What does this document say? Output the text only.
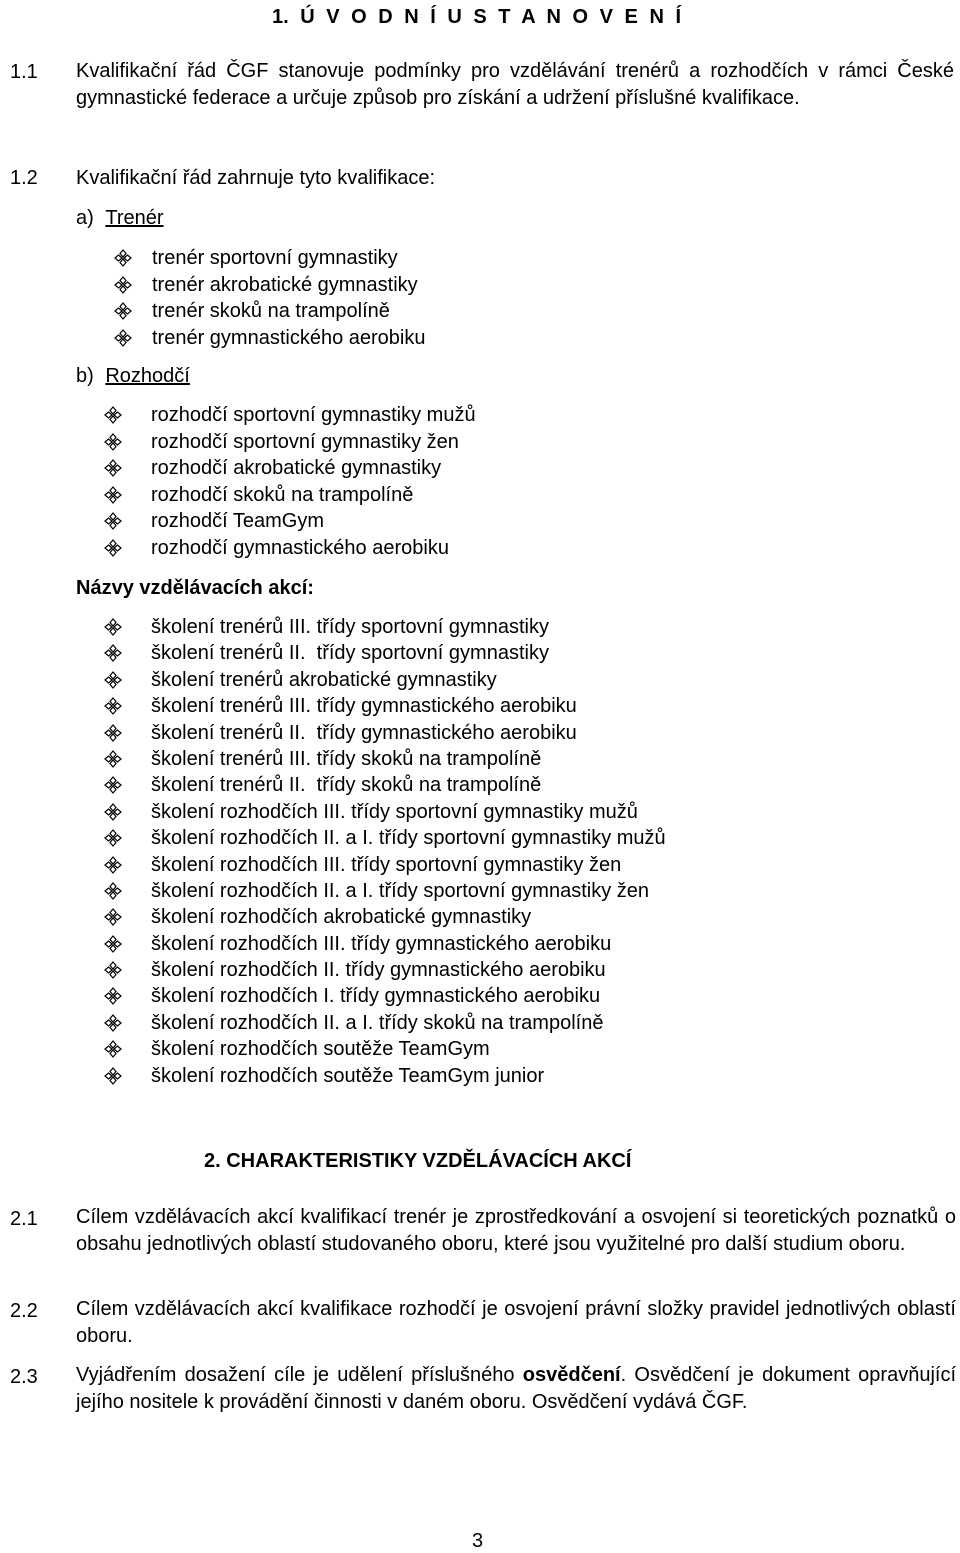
1. Ú V O D N Í U S T A N O V E N Í
1.1 Kvalifikační řád ČGF stanovuje podmínky pro vzdělávání trenérů a rozhodčích v rámci České gymnastické federace a určuje způsob pro získání a udržení příslušné kvalifikace.
1.2 Kvalifikační řád zahrnuje tyto kvalifikace:
a) Trenér
trenér sportovní gymnastiky
trenér akrobatické gymnastiky
trenér skoků na trampolíně
trenér gymnastického aerobiku
b) Rozhodčí
rozhodčí sportovní gymnastiky mužů
rozhodčí sportovní gymnastiky žen
rozhodčí akrobatické gymnastiky
rozhodčí skoků na trampolíně
rozhodčí TeamGym
rozhodčí gymnastického aerobiku
Názvy vzdělávacích akcí:
školení trenérů III. třídy sportovní gymnastiky
školení trenérů II.  třídy sportovní gymnastiky
školení trenérů akrobatické gymnastiky
školení trenérů III. třídy gymnastického aerobiku
školení trenérů II.  třídy gymnastického aerobiku
školení trenérů III. třídy skoků na trampolíně
školení trenérů II.  třídy skoků na trampolíně
školení rozhodčích III. třídy sportovní gymnastiky mužů
školení rozhodčích II. a I. třídy sportovní gymnastiky mužů
školení rozhodčích III. třídy sportovní gymnastiky žen
školení rozhodčích II. a I. třídy sportovní gymnastiky žen
školení rozhodčích akrobatické gymnastiky
školení rozhodčích III. třídy gymnastického aerobiku
školení rozhodčích II. třídy gymnastického aerobiku
školení rozhodčích I. třídy gymnastického aerobiku
školení rozhodčích II. a I. třídy skoků na trampolíně
školení rozhodčích soutěže TeamGym
školení rozhodčích soutěže TeamGym junior
2. CHARAKTERISTIKY VZDĚLÁVACÍCH AKCÍ
2.1 Cílem vzdělávacích akcí kvalifikací trenér je zprostředkování a osvojení si teoretických poznatků o obsahu jednotlivých oblastí studovaného oboru, které jsou využitelné pro další studium oboru.
2.2 Cílem vzdělávacích akcí kvalifikace rozhodčí je osvojení právní složky pravidel jednotlivých oblastí oboru.
2.3 Vyjádřením dosažení cíle je udělení příslušného osvědčení. Osvědčení je dokument opravňující jejího nositele k provádění činnosti v daném oboru. Osvědčení vydává ČGF.
3
